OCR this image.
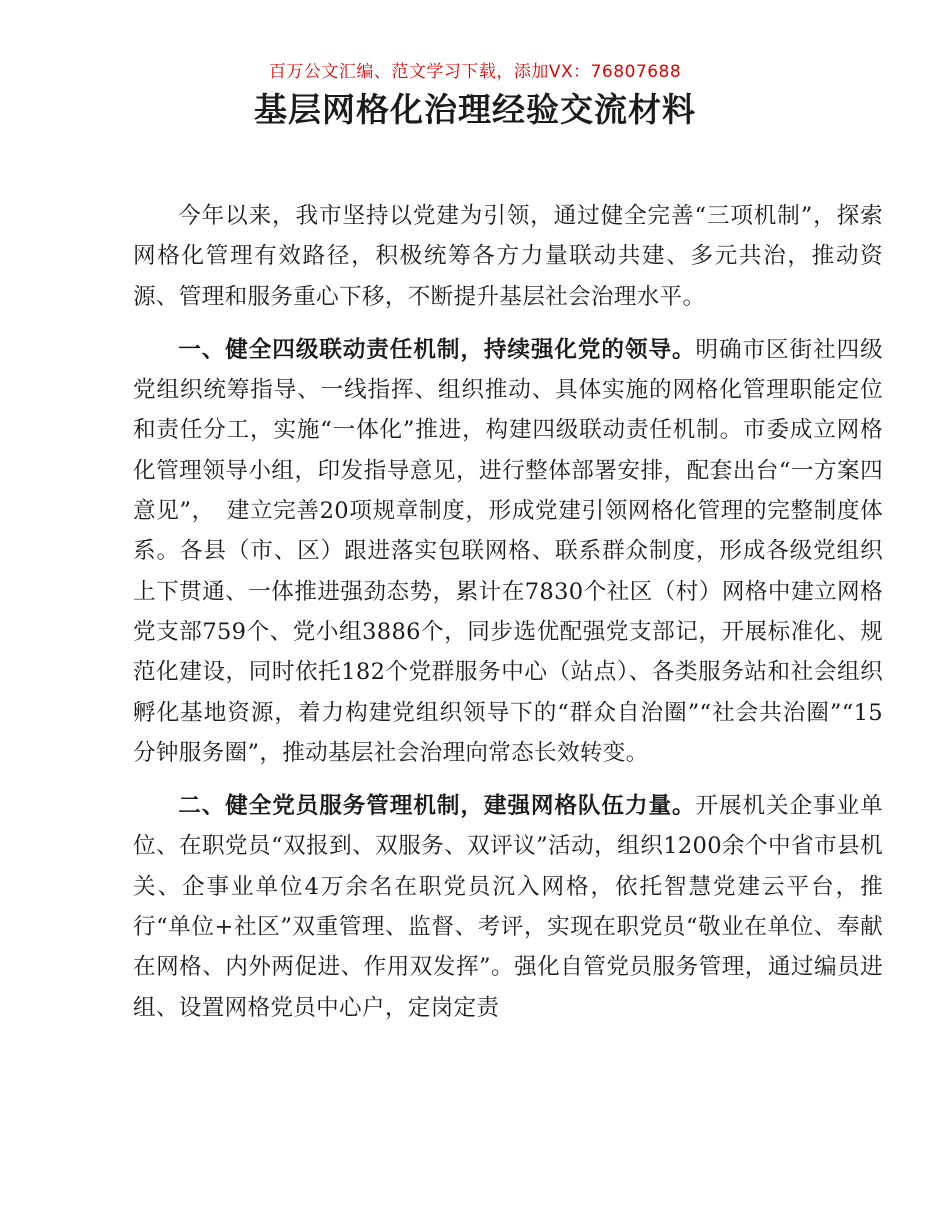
百万公文汇编、范文学习下载，添加VX：76807688
基层网格化治理经验交流材料

今年以来，我市坚持以党建为引领，通过健全完善“三项机制”，探索网格化管理有效路径，积极统筹各方力量联动共建、多元共治，推动资源、管理和服务重心下移，不断提升基层社会治理水平。

一、健全四级联动责任机制，持续强化党的领导。明确市区街社四级党组织统筹指导、一线指挥、组织推动、具体实施的网格化管理职能定位和责任分工，实施“一体化”推进，构建四级联动责任机制。市委成立网格化管理领导小组，印发指导意见，进行整体部署安排，配套出台“一方案四意见”，　建立完善20项规章制度，形成党建引领网格化管理的完整制度体系。各县（市、区）跟进落实包联网格、联系群众制度，形成各级党组织上下贯通、一体推进强劲态势，累计在7830个社区（村）网格中建立网格党支部759个、党小组3886个，同步选优配强党支部记，开展标准化、规范化建设，同时依托182个党群服务中心（站点）、各类服务站和社会组织孵化基地资源，着力构建党组织领导下的“群众自治圈”“社会共治圈”“15分钟服务圈”，推动基层社会治理向常态长效转变。

二、健全党员服务管理机制，建强网格队伍力量。开展机关企事业单位、在职党员“双报到、双服务、双评议”活动，组织1200余个中省市县机关、企事业单位4万余名在职党员沉入网格，依托智慧党建云平台，推行“单位+社区”双重管理、监督、考评，实现在职党员“敬业在单位、奉献在网格、内外两促进、作用双发挥”。强化自管党员服务管理，通过编员进组、设置网格党员中心户，定岗定责
